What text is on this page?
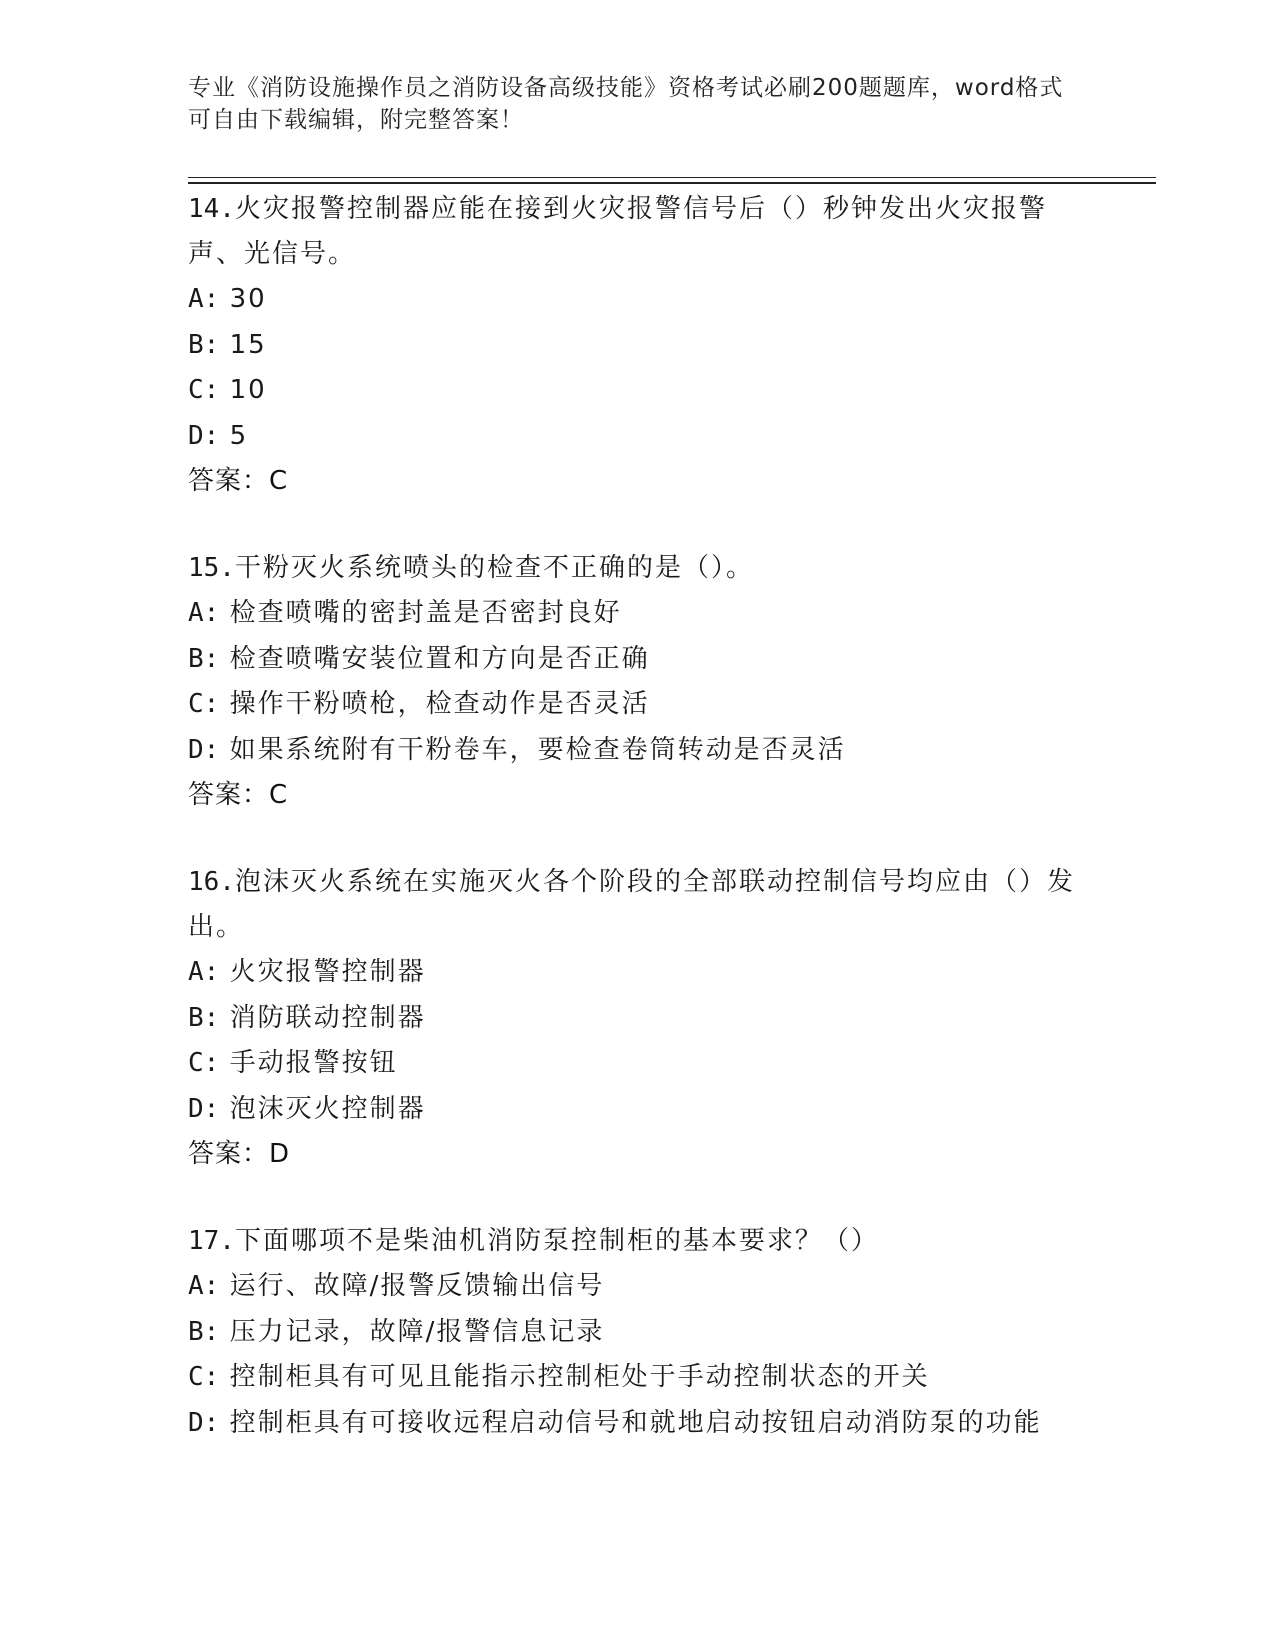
专业《消防设施操作员之消防设备高级技能》资格考试必刷200题题库，word格式可自由下载编辑，附完整答案！
14.火灾报警控制器应能在接到火灾报警信号后（）秒钟发出火灾报警声、光信号。
A: 30
B: 15
C: 10
D: 5
答案：C
15.干粉灭火系统喷头的检查不正确的是（）。
A: 检查喷嘴的密封盖是否密封良好
B: 检查喷嘴安装位置和方向是否正确
C: 操作干粉喷枪，检查动作是否灵活
D: 如果系统附有干粉卷车，要检查卷筒转动是否灵活
答案：C
16.泡沫灭火系统在实施灭火各个阶段的全部联动控制信号均应由（）发出。
A: 火灾报警控制器
B: 消防联动控制器
C: 手动报警按钮
D: 泡沫灭火控制器
答案：D
17.下面哪项不是柴油机消防泵控制柜的基本要求？（）
A: 运行、故障/报警反馈输出信号
B: 压力记录，故障/报警信息记录
C: 控制柜具有可见且能指示控制柜处于手动控制状态的开关
D: 控制柜具有可接收远程启动信号和就地启动按钮启动消防泵的功能
